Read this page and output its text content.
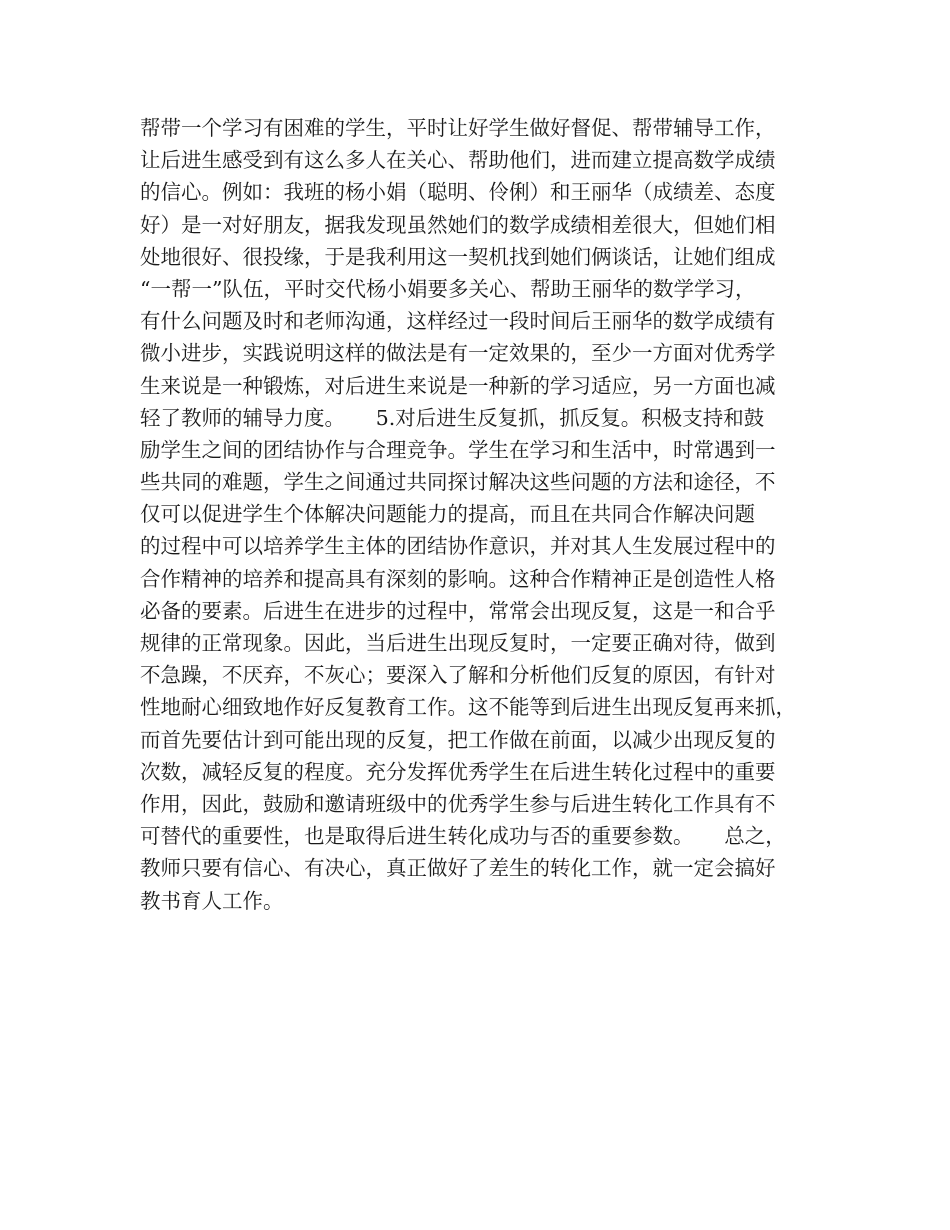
帮带一个学习有困难的学生，平时让好学生做好督促、帮带辅导工作，
让后进生感受到有这么多人在关心、帮助他们，进而建立提高数学成绩
的信心。例如：我班的杨小娟（聪明、伶俐）和王丽华（成绩差、态度
好）是一对好朋友，据我发现虽然她们的数学成绩相差很大，但她们相
处地很好、很投缘，于是我利用这一契机找到她们俩谈话，让她们组成
“一帮一”队伍，平时交代杨小娟要多关心、帮助王丽华的数学学习，
有什么问题及时和老师沟通，这样经过一段时间后王丽华的数学成绩有
微小进步，实践说明这样的做法是有一定效果的，至少一方面对优秀学
生来说是一种锻炼，对后进生来说是一种新的学习适应，另一方面也减
轻了教师的辅导力度。　　5.对后进生反复抓，抓反复。积极支持和鼓
励学生之间的团结协作与合理竞争。学生在学习和生活中，时常遇到一
些共同的难题，学生之间通过共同探讨解决这些问题的方法和途径，不
仅可以促进学生个体解决问题能力的提高，而且在共同合作解决问题
的过程中可以培养学生主体的团结协作意识，并对其人生发展过程中的
合作精神的培养和提高具有深刻的影响。这种合作精神正是创造性人格
必备的要素。后进生在进步的过程中，常常会出现反复，这是一和合乎
规律的正常现象。因此，当后进生出现反复时，一定要正确对待，做到
不急躁，不厌弃，不灰心；要深入了解和分析他们反复的原因，有针对
性地耐心细致地作好反复教育工作。这不能等到后进生出现反复再来抓，
而首先要估计到可能出现的反复，把工作做在前面，以减少出现反复的
次数，减轻反复的程度。充分发挥优秀学生在后进生转化过程中的重要
作用，因此，鼓励和邀请班级中的优秀学生参与后进生转化工作具有不
可替代的重要性，也是取得后进生转化成功与否的重要参数。　　总之，
教师只要有信心、有决心，真正做好了差生的转化工作，就一定会搞好
教书育人工作。
